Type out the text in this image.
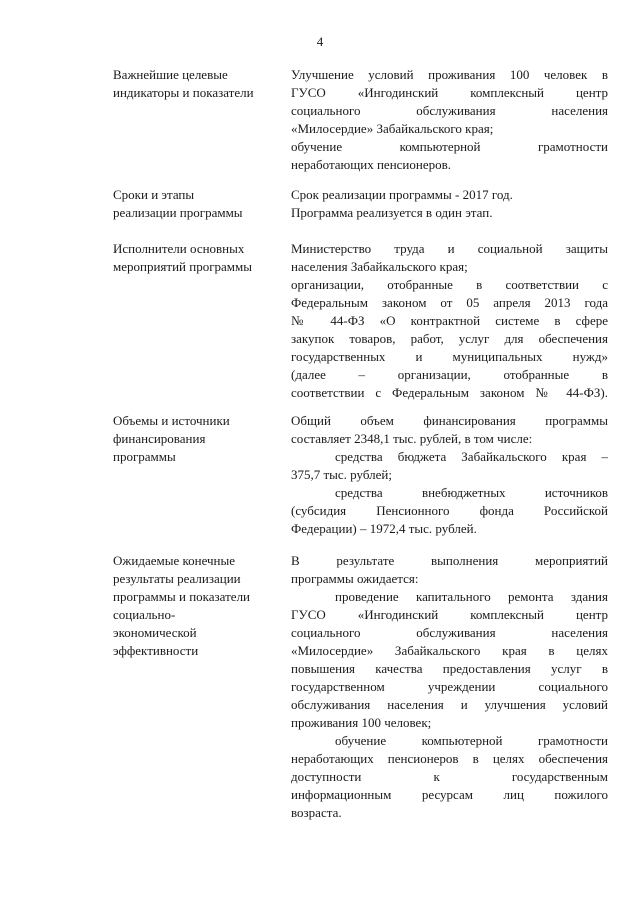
4
Важнейшие целевые
индикаторы и показатели
Улучшение условий проживания 100 человек в
ГУСО «Ингодинский комплексный центр
социального обслуживания населения
«Милосердие» Забайкальского края;
обучение компьютерной грамотности
неработающих пенсионеров.
Сроки и этапы
реализации программы
Срок реализации программы - 2017 год.
Программа реализуется в один этап.
Исполнители основных
мероприятий программы
Министерство труда и социальной защиты
населения Забайкальского края;
организации, отобранные в соответствии с
Федеральным законом от 05 апреля 2013 года
№ 44-ФЗ «О контрактной системе в сфере
закупок товаров, работ, услуг для обеспечения
государственных и муниципальных нужд»
(далее – организации, отобранные в
соответствии с Федеральным законом № 44-ФЗ).
Объемы и источники
финансирования
программы
Общий объем финансирования программы
составляет 2348,1 тыс. рублей, в том числе:
средства бюджета Забайкальского края –
375,7 тыс. рублей;
средства внебюджетных источников
(субсидия Пенсионного фонда Российской
Федерации) – 1972,4 тыс. рублей.
Ожидаемые конечные
результаты реализации
программы и показатели
социально-
экономической
эффективности
В результате выполнения мероприятий
программы ожидается:
проведение капитального ремонта здания
ГУСО «Ингодинский комплексный центр
социального обслуживания населения
«Милосердие» Забайкальского края в целях
повышения качества предоставления услуг в
государственном учреждении социального
обслуживания населения и улучшения условий
проживания 100 человек;
обучение компьютерной грамотности
неработающих пенсионеров в целях обеспечения
доступности к государственным
информационным ресурсам лиц пожилого
возраста.
